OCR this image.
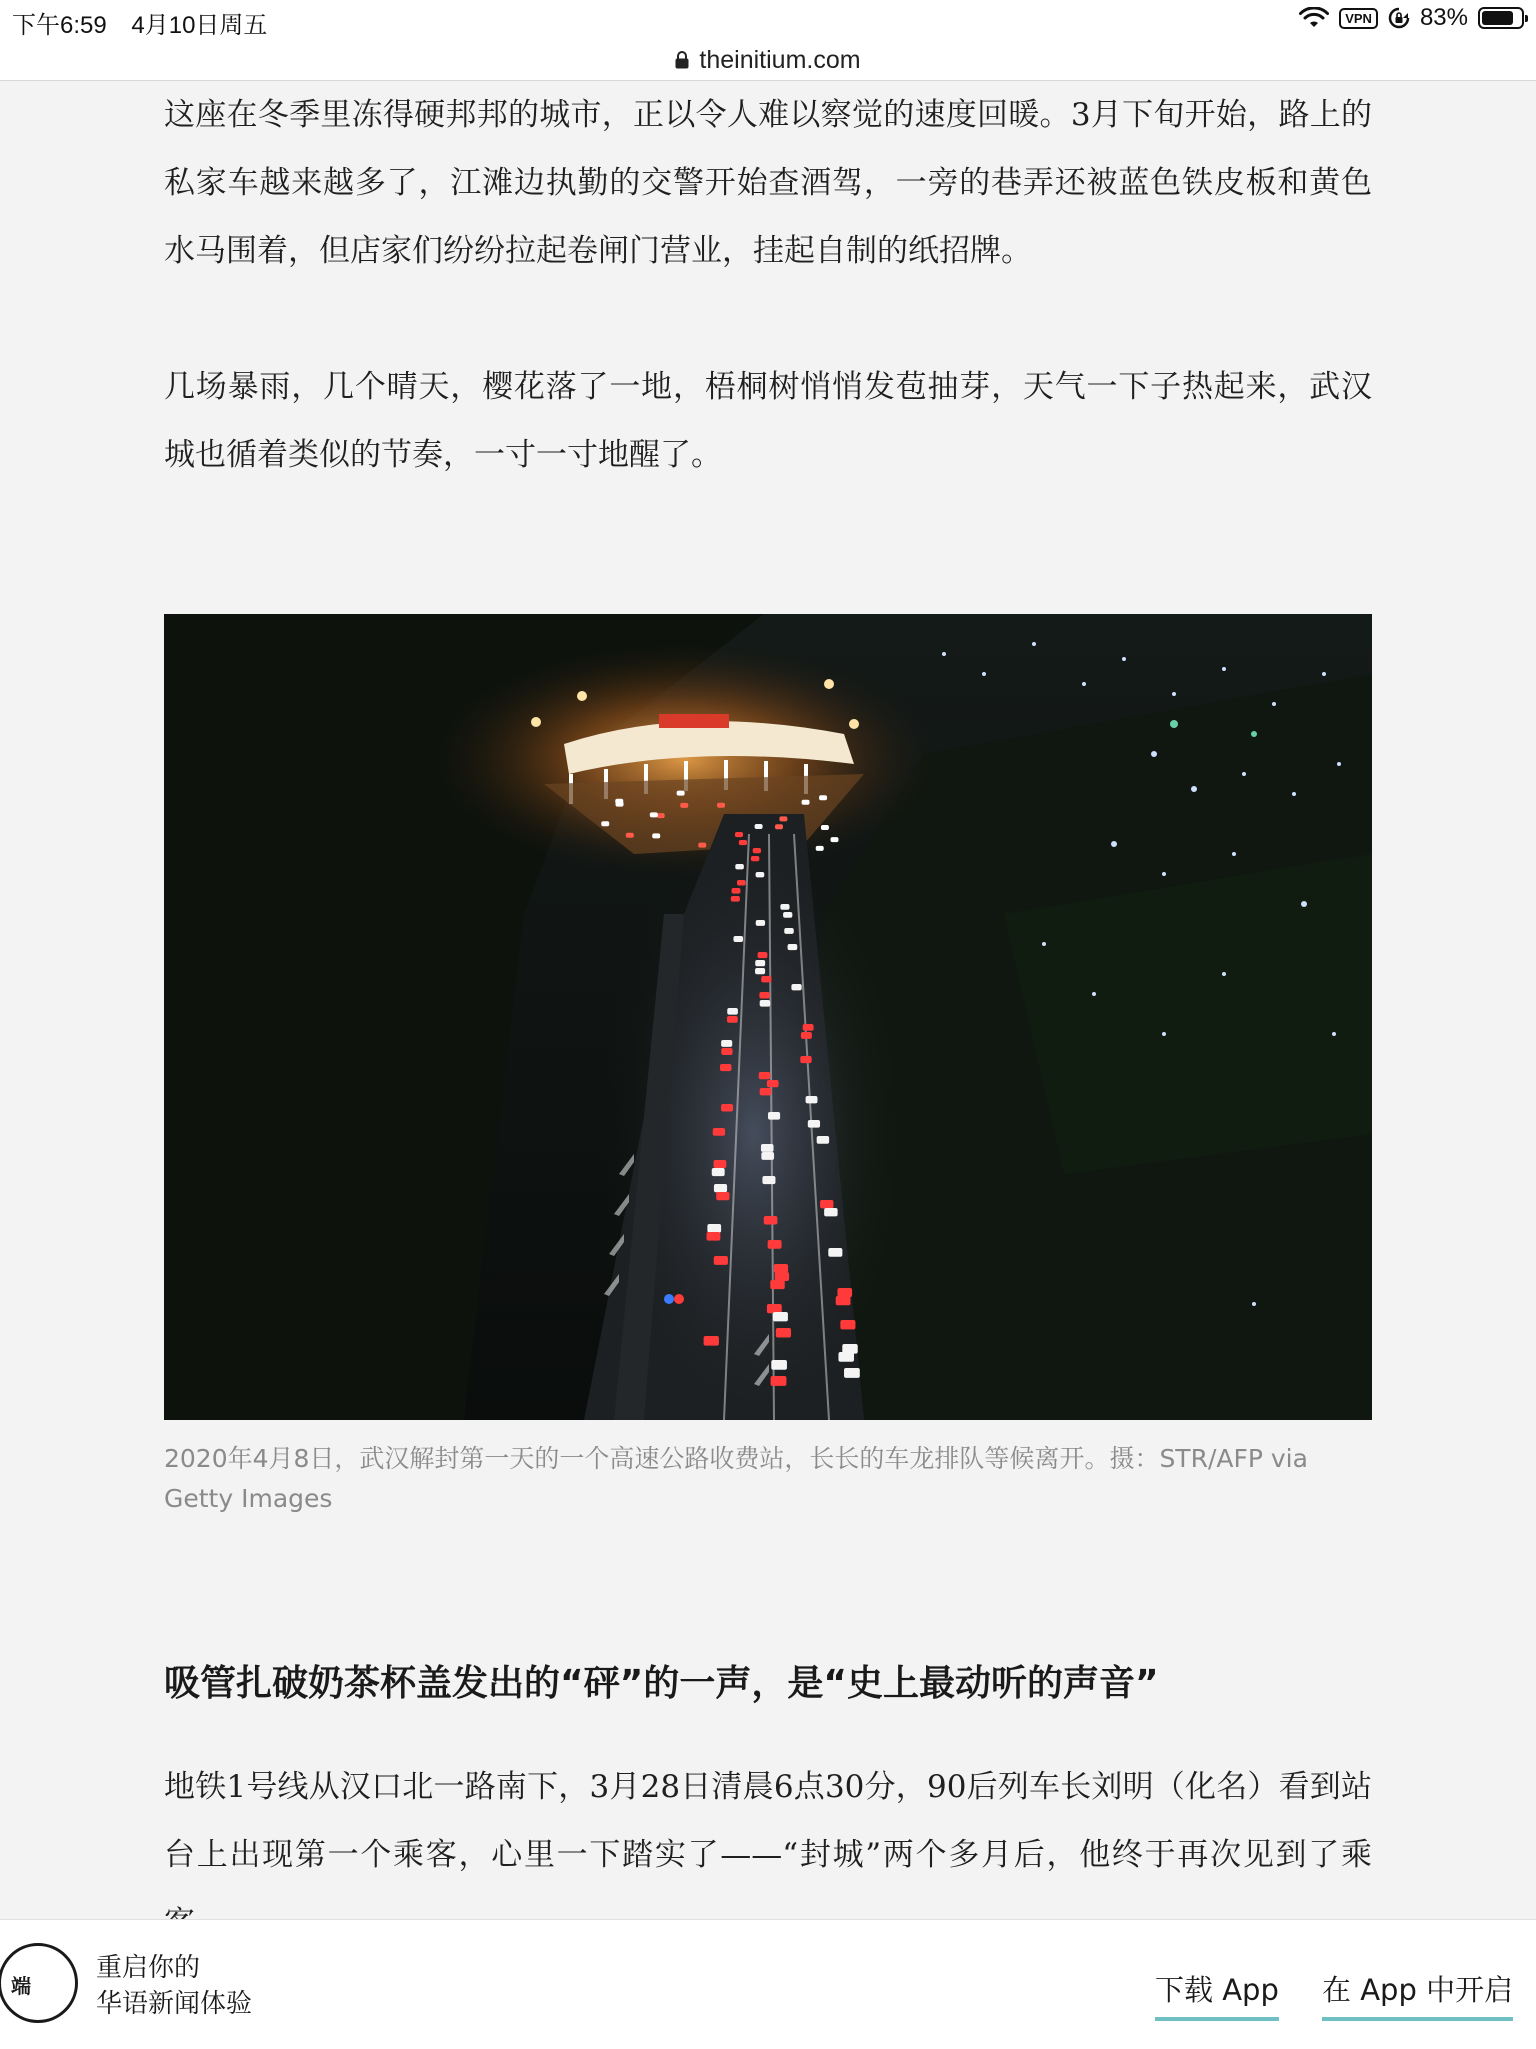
下午6:59 4月10日周五	VPN 83%
theinitium.com

这座在冬季里冻得硬邦邦的城市，正以令人难以察觉的速度回暖。3月下旬开始，路上的私家车越来越多了，江滩边执勤的交警开始查酒驾，一旁的巷弄还被蓝色铁皮板和黄色水马围着，但店家们纷纷拉起卷闸门营业，挂起自制的纸招牌。

几场暴雨，几个晴天，樱花落了一地，梧桐树悄悄发苞抽芽，天气一下子热起来，武汉城也循着类似的节奏，一寸一寸地醒了。

2020年4月8日，武汉解封第一天的一个高速公路收费站，长长的车龙排队等候离开。摄：STR/AFP via Getty Images
吸管扎破奶茶杯盖发出的“砰”的一声，是“史上最动听的声音”

地铁1号线从汉口北一路南下，3月28日清晨6点30分，90后列车长刘明（化名）看到站台上出现第一个乘客，心里一下踏实了——“封城”两个多月后，他终于再次见到了乘

端
重启你的
华语新闻体验	下载 App 在 App 中开启
